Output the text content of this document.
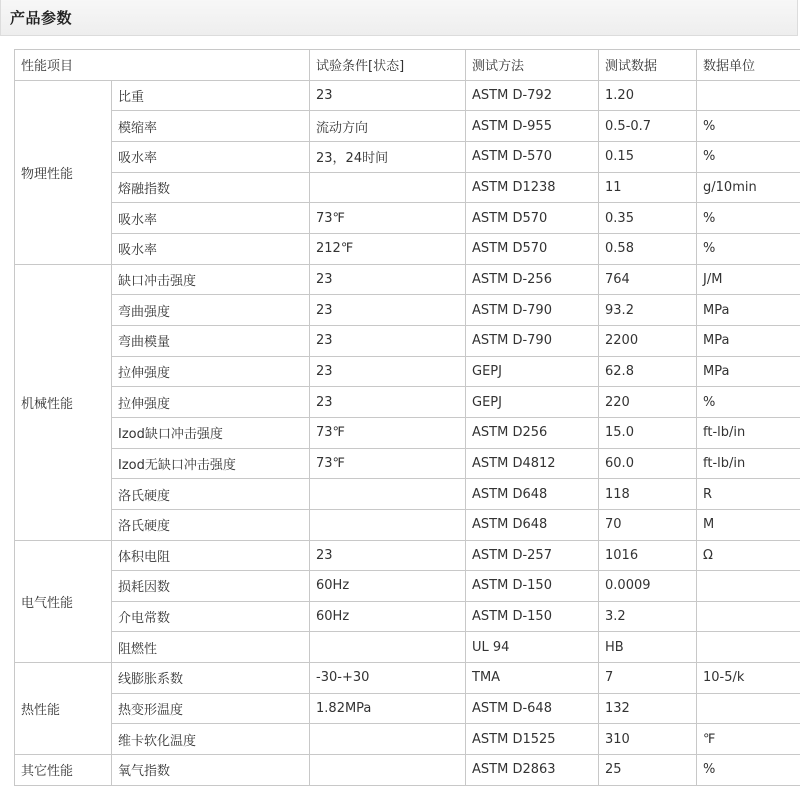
产品参数
性能项目		试验条件[状态]	测试方法	测试数据	数据单位
物理性能	比重	23	ASTM D-792	1.20	
	模缩率	流动方向	ASTM D-955	0.5-0.7	%
	吸水率	23，24时间	ASTM D-570	0.15	%
	熔融指数		ASTM D1238	11	g/10min
	吸水率	73℉	ASTM D570	0.35	%
	吸水率	212℉	ASTM D570	0.58	%
机械性能	缺口冲击强度	23	ASTM D-256	764	J/M
	弯曲强度	23	ASTM D-790	93.2	MPa
	弯曲模量	23	ASTM D-790	2200	MPa
	拉伸强度	23	GEPJ	62.8	MPa
	拉伸强度	23	GEPJ	220	%
	Izod缺口冲击强度	73℉	ASTM D256	15.0	ft-lb/in
	Izod无缺口冲击强度	73℉	ASTM D4812	60.0	ft-lb/in
	洛氏硬度		ASTM D648	118	R
	洛氏硬度		ASTM D648	70	M
电气性能	体积电阻	23	ASTM D-257	1016	Ω
	损耗因数	60Hz	ASTM D-150	0.0009	
	介电常数	60Hz	ASTM D-150	3.2	
	阻燃性		UL 94	HB	
热性能	线膨胀系数	-30-+30	TMA	7	10-5/k
	热变形温度	1.82MPa	ASTM D-648	132	
	维卡软化温度		ASTM D1525	310	℉
其它性能	氧气指数		ASTM D2863	25	%
